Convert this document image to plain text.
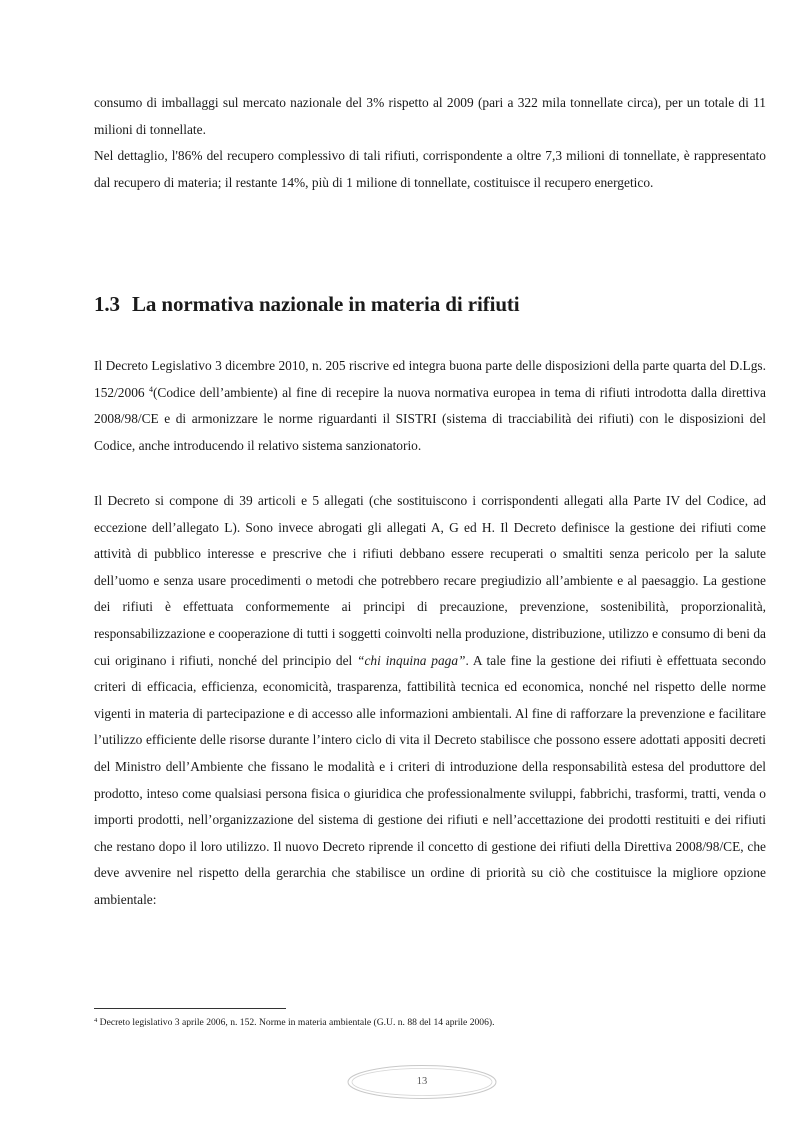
consumo di imballaggi sul mercato nazionale del 3% rispetto al 2009 (pari a 322 mila tonnellate circa), per un totale di 11 milioni di tonnellate.

Nel dettaglio, l'86% del recupero complessivo di tali rifiuti, corrispondente a oltre 7,3 milioni di tonnellate, è rappresentato dal recupero di materia; il restante 14%, più di 1 milione di tonnellate, costituisce il recupero energetico.

1.3 La normativa nazionale in materia di rifiuti

Il Decreto Legislativo 3 dicembre 2010, n. 205 riscrive ed integra buona parte delle disposizioni della parte quarta del D.Lgs. 152/2006 $^4$(Codice dell’ambiente) al fine di recepire la nuova normativa europea in tema di rifiuti introdotta dalla direttiva 2008/98/CE e di armonizzare le norme riguardanti il SISTRI (sistema di tracciabilità dei rifiuti) con le disposizioni del Codice, anche introducendo il relativo sistema sanzionatorio.

Il Decreto si compone di 39 articoli e 5 allegati (che sostituiscono i corrispondenti allegati alla Parte IV del Codice, ad eccezione dell’allegato L). Sono invece abrogati gli allegati A, G ed H. Il Decreto definisce la gestione dei rifiuti come attività di pubblico interesse e prescrive che i rifiuti debbano essere recuperati o smaltiti senza pericolo per la salute dell’uomo e senza usare procedimenti o metodi che potrebbero recare pregiudizio all’ambiente e al paesaggio. La gestione dei rifiuti è effettuata conformemente ai principi di precauzione, prevenzione, sostenibilità, proporzionalità, responsabilizzazione e cooperazione di tutti i soggetti coinvolti nella produzione, distribuzione, utilizzo e consumo di beni da cui originano i rifiuti, nonché del principio del “chi inquina paga”. A tale fine la gestione dei rifiuti è effettuata secondo criteri di efficacia, efficienza, economicità, trasparenza, fattibilità tecnica ed economica, nonché nel rispetto delle norme vigenti in materia di partecipazione e di accesso alle informazioni ambientali. Al fine di rafforzare la prevenzione e facilitare l’utilizzo efficiente delle risorse durante l’intero ciclo di vita il Decreto stabilisce che possono essere adottati appositi decreti del Ministro dell’Ambiente che fissano le modalità e i criteri di introduzione della responsabilità estesa del produttore del prodotto, inteso come qualsiasi persona fisica o giuridica che professionalmente sviluppi, fabbrichi, trasformi, tratti, venda o importi prodotti, nell’organizzazione del sistema di gestione dei rifiuti e nell’accettazione dei prodotti restituiti e dei rifiuti che restano dopo il loro utilizzo. Il nuovo Decreto riprende il concetto di gestione dei rifiuti della Direttiva 2008/98/CE, che deve avvenire nel rispetto della gerarchia che stabilisce un ordine di priorità su ciò che costituisce la migliore opzione ambientale:

$^4$ Decreto legislativo 3 aprile 2006, n. 152. Norme in materia ambientale (G.U. n. 88 del 14 aprile 2006).

13
